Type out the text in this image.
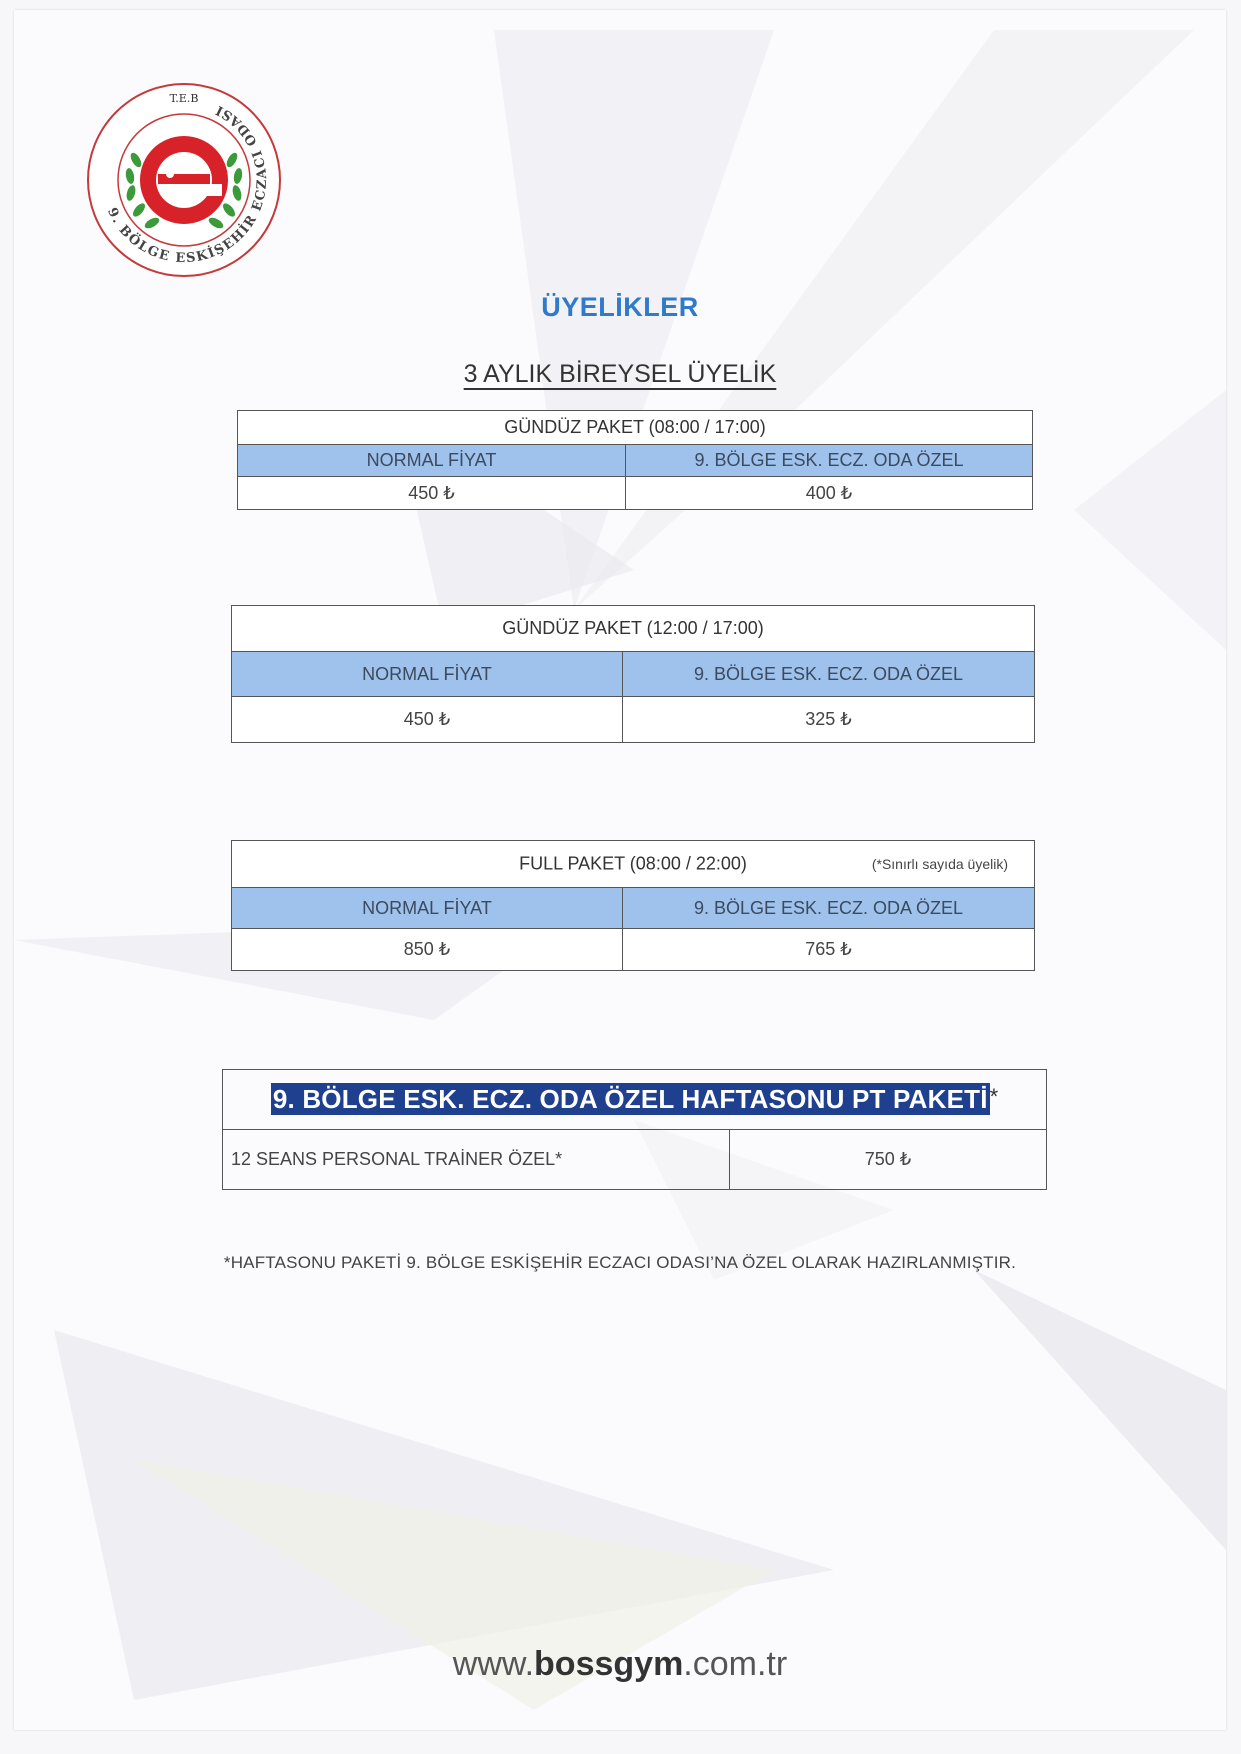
9. BÖLGE ESKİŞEHİR ECZACI ODASI
T.E.B
ÜYELİKLER
3 AYLIK BİREYSEL ÜYELİK
GÜNDÜZ PAKET (08:00 / 17:00)	
NORMAL FİYAT	9. BÖLGE ESK. ECZ. ODA ÖZEL
450 ₺	400 ₺
GÜNDÜZ PAKET (12:00 / 17:00)	
NORMAL FİYAT	9. BÖLGE ESK. ECZ. ODA ÖZEL
450 ₺	325 ₺
FULL PAKET (08:00 / 22:00) (*Sınırlı sayıda üyelik)	

NORMAL FİYAT	9. BÖLGE ESK. ECZ. ODA ÖZEL
850 ₺	765 ₺
9. BÖLGE ESK. ECZ. ODA ÖZEL HAFTASONU PT PAKETİ*
12 SEANS PERSONAL TRAİNER ÖZEL*	750 ₺
*HAFTASONU PAKETİ 9. BÖLGE ESKİŞEHİR ECZACI ODASI’NA ÖZEL OLARAK HAZIRLANMIŞTIR.
www.bossgym.com.tr
